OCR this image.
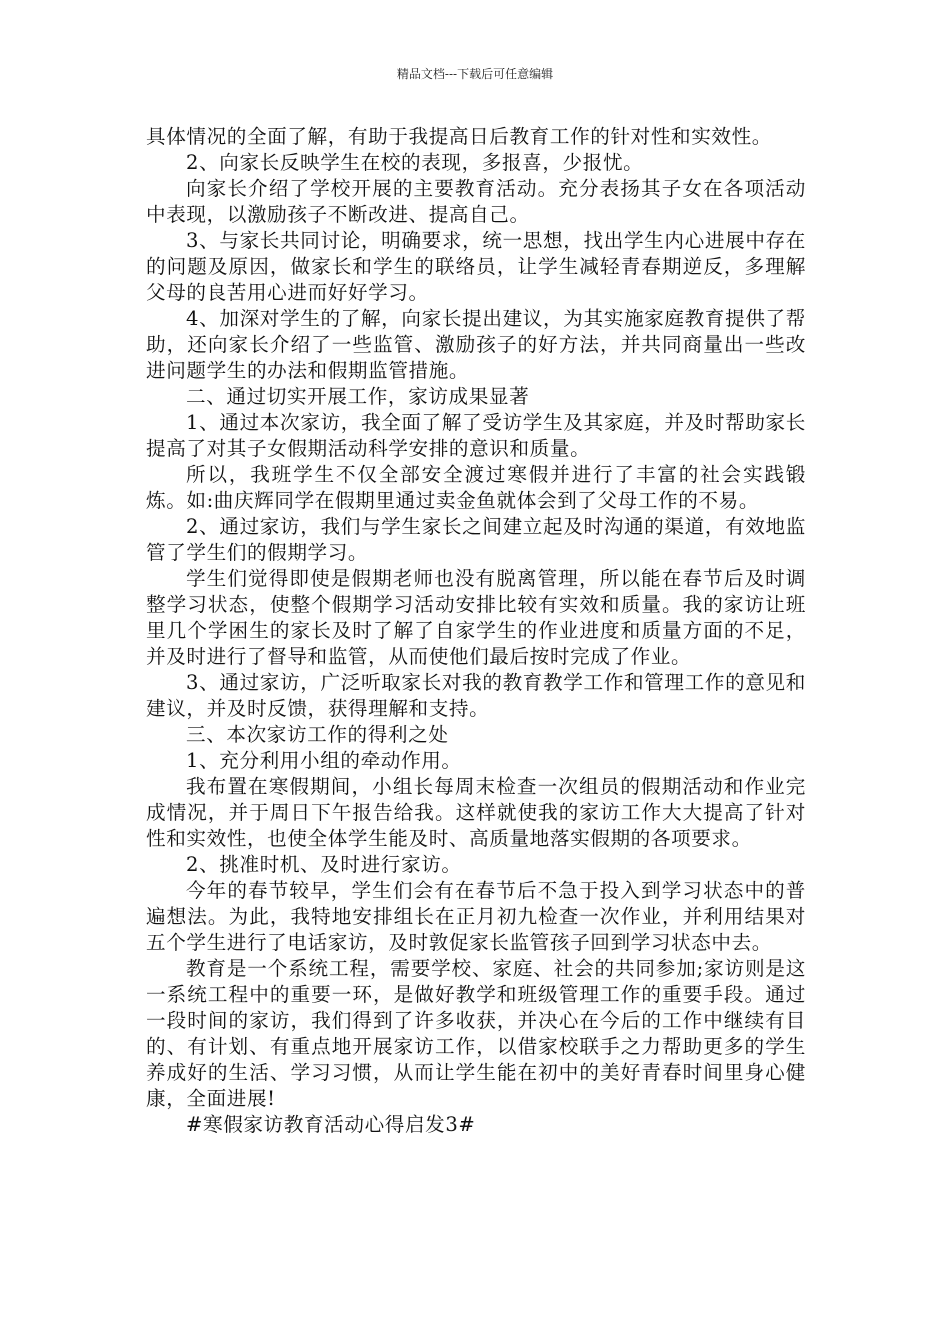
精品文档---下载后可任意编辑

具体情况的全面了解，有助于我提高日后教育工作的针对性和实效性。

2、向家长反映学生在校的表现，多报喜，少报忧。

向家长介绍了学校开展的主要教育活动。充分表扬其子女在各项活动中表现，以激励孩子不断改进、提高自己。

3、与家长共同讨论，明确要求，统一思想，找出学生内心进展中存在的问题及原因，做家长和学生的联络员，让学生减轻青春期逆反，多理解父母的良苦用心进而好好学习。

4、加深对学生的了解，向家长提出建议，为其实施家庭教育提供了帮助，还向家长介绍了一些监管、激励孩子的好方法，并共同商量出一些改进问题学生的办法和假期监管措施。

二、通过切实开展工作，家访成果显著

1、通过本次家访，我全面了解了受访学生及其家庭，并及时帮助家长提高了对其子女假期活动科学安排的意识和质量。

所以，我班学生不仅全部安全渡过寒假并进行了丰富的社会实践锻炼。如:曲庆辉同学在假期里通过卖金鱼就体会到了父母工作的不易。

2、通过家访，我们与学生家长之间建立起及时沟通的渠道，有效地监管了学生们的假期学习。

学生们觉得即使是假期老师也没有脱离管理，所以能在春节后及时调整学习状态，使整个假期学习活动安排比较有实效和质量。我的家访让班里几个学困生的家长及时了解了自家学生的作业进度和质量方面的不足，并及时进行了督导和监管，从而使他们最后按时完成了作业。

3、通过家访，广泛听取家长对我的教育教学工作和管理工作的意见和建议，并及时反馈，获得理解和支持。

三、本次家访工作的得利之处

1、充分利用小组的牵动作用。

我布置在寒假期间，小组长每周末检查一次组员的假期活动和作业完成情况，并于周日下午报告给我。这样就使我的家访工作大大提高了针对性和实效性，也使全体学生能及时、高质量地落实假期的各项要求。

2、挑准时机、及时进行家访。

今年的春节较早，学生们会有在春节后不急于投入到学习状态中的普遍想法。为此，我特地安排组长在正月初九检查一次作业，并利用结果对五个学生进行了电话家访，及时敦促家长监管孩子回到学习状态中去。

教育是一个系统工程，需要学校、家庭、社会的共同参加;家访则是这一系统工程中的重要一环，是做好教学和班级管理工作的重要手段。通过一段时间的家访，我们得到了许多收获，并决心在今后的工作中继续有目的、有计划、有重点地开展家访工作，以借家校联手之力帮助更多的学生养成好的生活、学习习惯，从而让学生能在初中的美好青春时间里身心健康，全面进展!

#寒假家访教育活动心得启发3#
